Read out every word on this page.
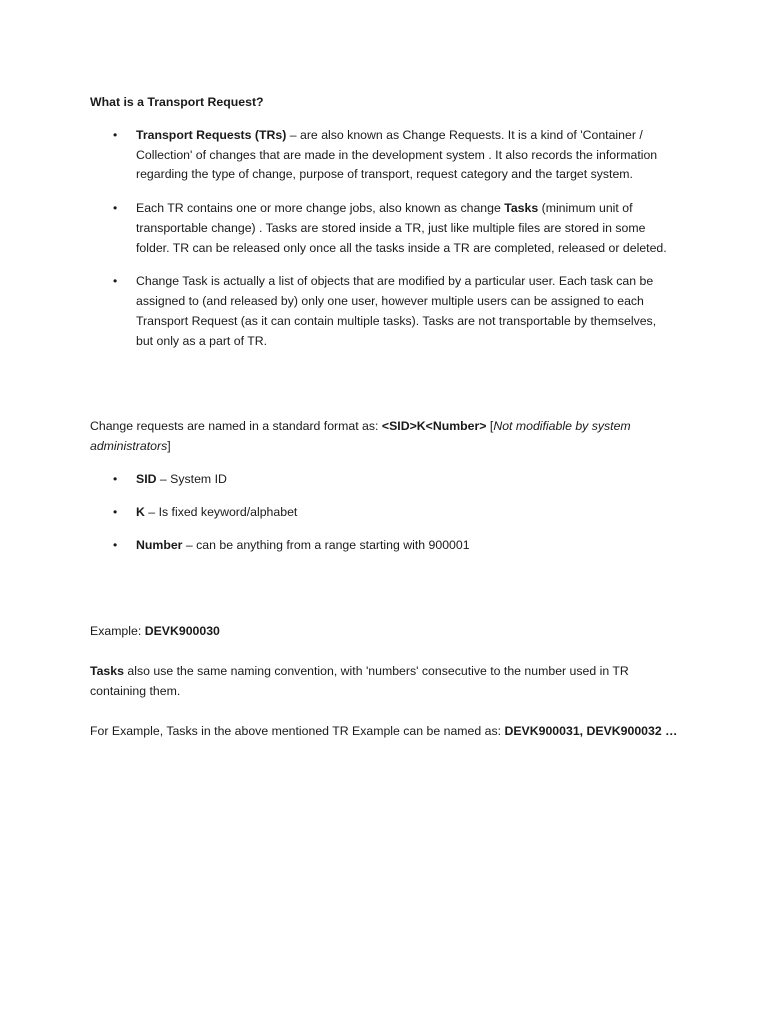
What is a Transport Request?

• Transport Requests (TRs) – are also known as Change Requests. It is a kind of 'Container /

Collection' of changes that are made in the development system . It also records the information

regarding the type of change, purpose of transport, request category and the target system.

• Each TR contains one or more change jobs, also known as change Tasks (minimum unit of

transportable change) . Tasks are stored inside a TR, just like multiple files are stored in some

folder. TR can be released only once all the tasks inside a TR are completed, released or deleted.

• Change Task is actually a list of objects that are modified by a particular user. Each task can be

assigned to (and released by) only one user, however multiple users can be assigned to each

Transport Request (as it can contain multiple tasks). Tasks are not transportable by themselves,

but only as a part of TR.

Change requests are named in a standard format as: <SID>K<Number> [Not modifiable by system

administrators]

• SID – System ID

• K – Is fixed keyword/alphabet

• Number – can be anything from a range starting with 900001

Example: DEVK900030

Tasks also use the same naming convention, with 'numbers' consecutive to the number used in TR

containing them.

For Example, Tasks in the above mentioned TR Example can be named as: DEVK900031, DEVK900032 …
